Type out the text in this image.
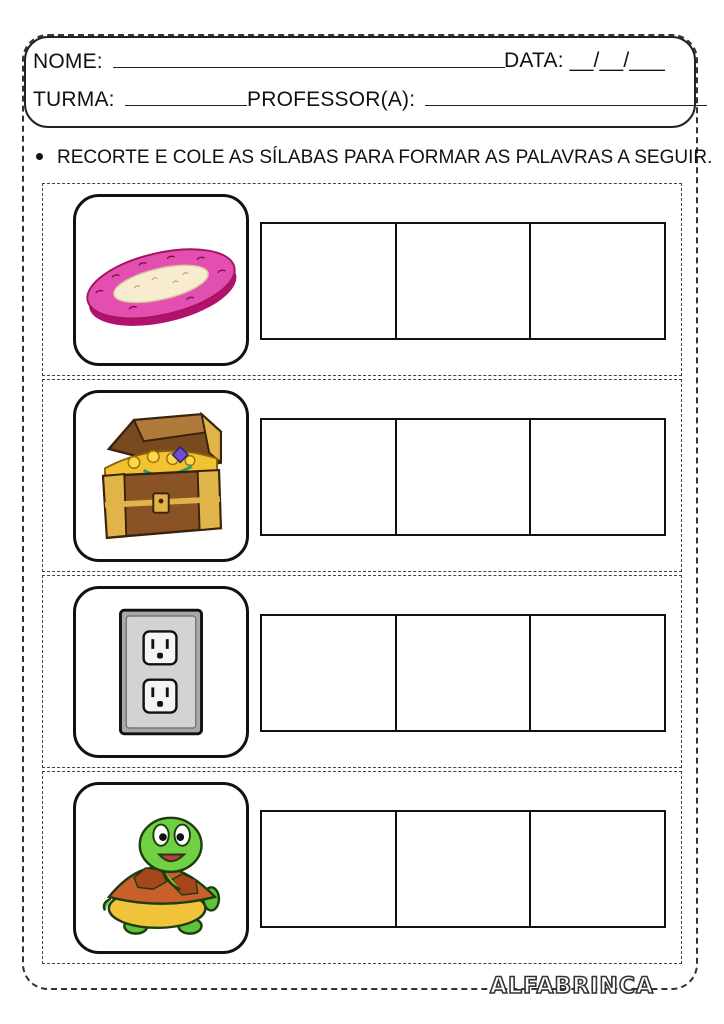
NOME:	DATA: __/__/___
TURMA:	PROFESSOR(A):
RECORTE E COLE AS SÍLABAS PARA FORMAR AS PALAVRAS A SEGUIR.
ALFABRINCA
